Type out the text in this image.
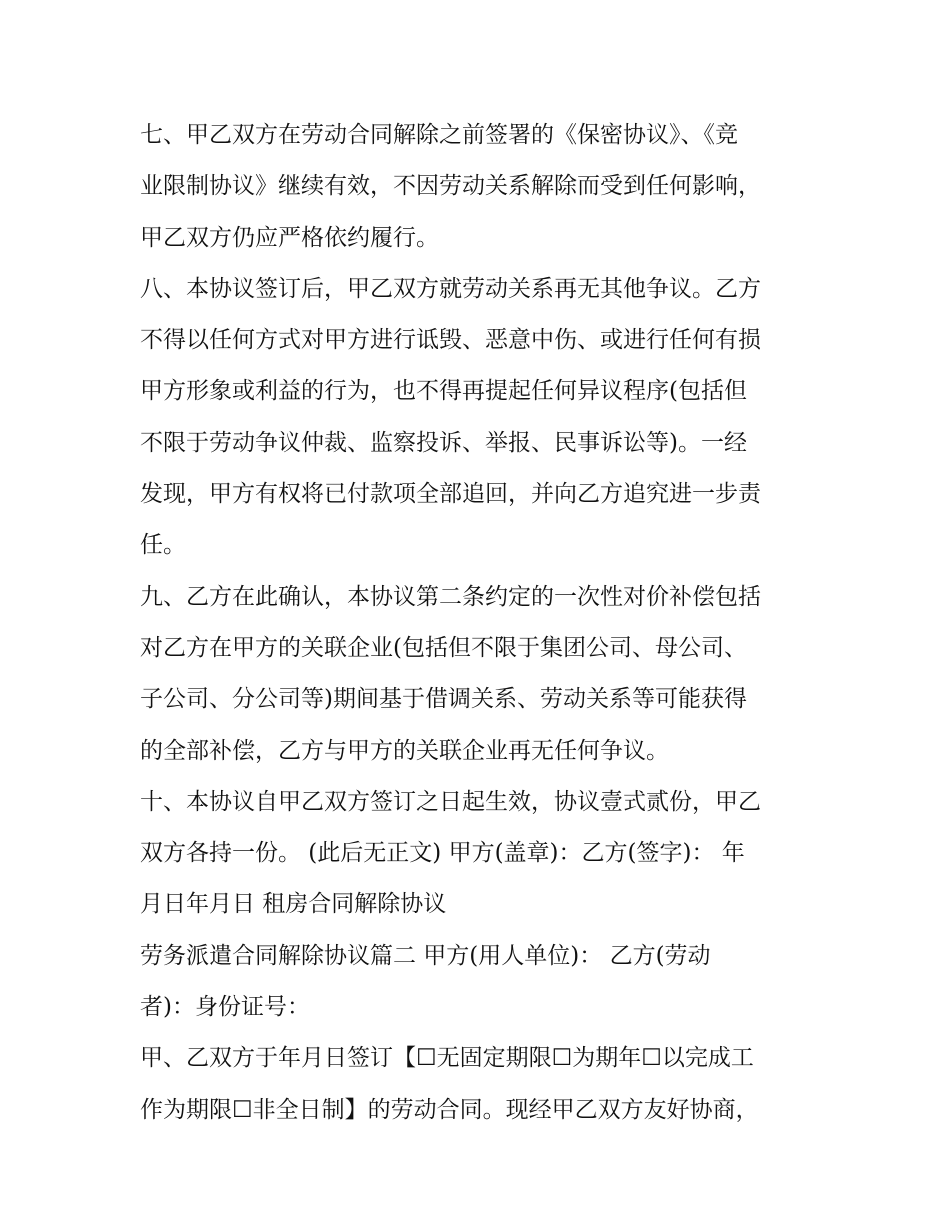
七、甲乙双方在劳动合同解除之前签署的《保密协议》、《竞

业限制协议》继续有效，不因劳动关系解除而受到任何影响，

甲乙双方仍应严格依约履行。

八、本协议签订后，甲乙双方就劳动关系再无其他争议。乙方

不得以任何方式对甲方进行诋毁、恶意中伤、或进行任何有损

甲方形象或利益的行为，也不得再提起任何异议程序(包括但

不限于劳动争议仲裁、监察投诉、举报、民事诉讼等)。一经

发现，甲方有权将已付款项全部追回，并向乙方追究进一步责

任。

九、乙方在此确认，本协议第二条约定的一次性对价补偿包括

对乙方在甲方的关联企业(包括但不限于集团公司、母公司、

子公司、分公司等)期间基于借调关系、劳动关系等可能获得

的全部补偿，乙方与甲方的关联企业再无任何争议。

十、本协议自甲乙双方签订之日起生效，协议壹式贰份，甲乙

双方各持一份。 (此后无正文) 甲方(盖章)：乙方(签字)： 年

月日年月日 租房合同解除协议

劳务派遣合同解除协议篇二 甲方(用人单位)： 乙方(劳动

者)：身份证号：

甲、乙双方于年月日签订【☐无固定期限☐为期年☐以完成工

作为期限☐非全日制】的劳动合同。现经甲乙双方友好协商，
